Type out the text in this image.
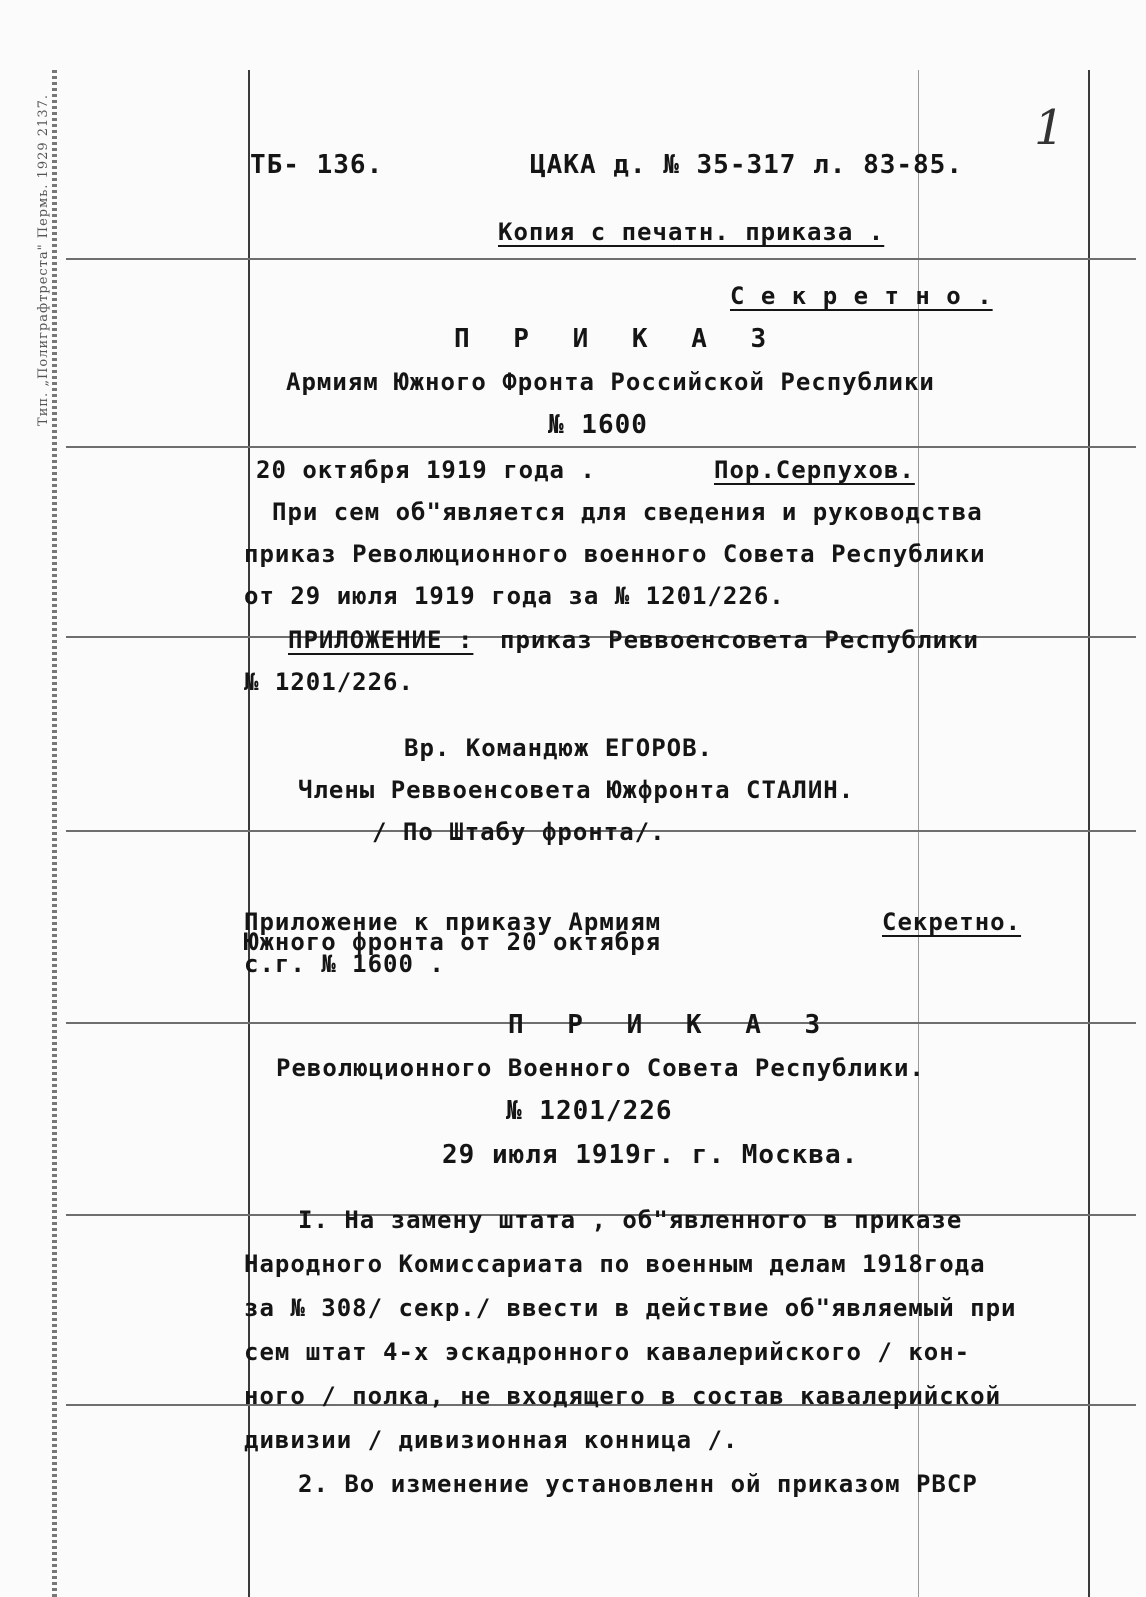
Тип. „Полиграфтреста" Пермь. 1929 2137.	1
ТБ- 136.	ЦАКА д. № 35-317 л. 83-85.
Копия с печатн. приказа .
С е к р е т н о .
П Р И К А З
Армиям Южного Фронта Российской Республики
№ 1600
20 октября 1919 года .	Пор.Серпухов.
При сем об"является для сведения и руководства
приказ Революционного военного Совета Республики
от 29 июля 1919 года за № 1201/226.
ПРИЛОЖЕНИЕ : приказ Реввоенсовета Республики
№ 1201/226.
Вр. Командюж ЕГОРОВ.
Члены Реввоенсовета Южфронта СТАЛИН.
/ По Штабу фронта/.
Приложение к приказу Армиям
Южного фронта от 20 октября
с.г. № 1600 .
Секретно.
П Р И К А З
Революционного Военного Совета Республики.
№ 1201/226
29 июля 1919г. г. Москва.
I. На замену штата , об"явленного в приказе
Народного Комиссариата по военным делам 1918года
за № 308/ секр./ ввести в действие об"являемый при
сем штат 4-х эскадронного кавалерийского / кон-
ного / полка, не входящего в состав кавалерийской
дивизии / дивизионная конница /.
2. Во изменение установленн ой приказом РВСР
